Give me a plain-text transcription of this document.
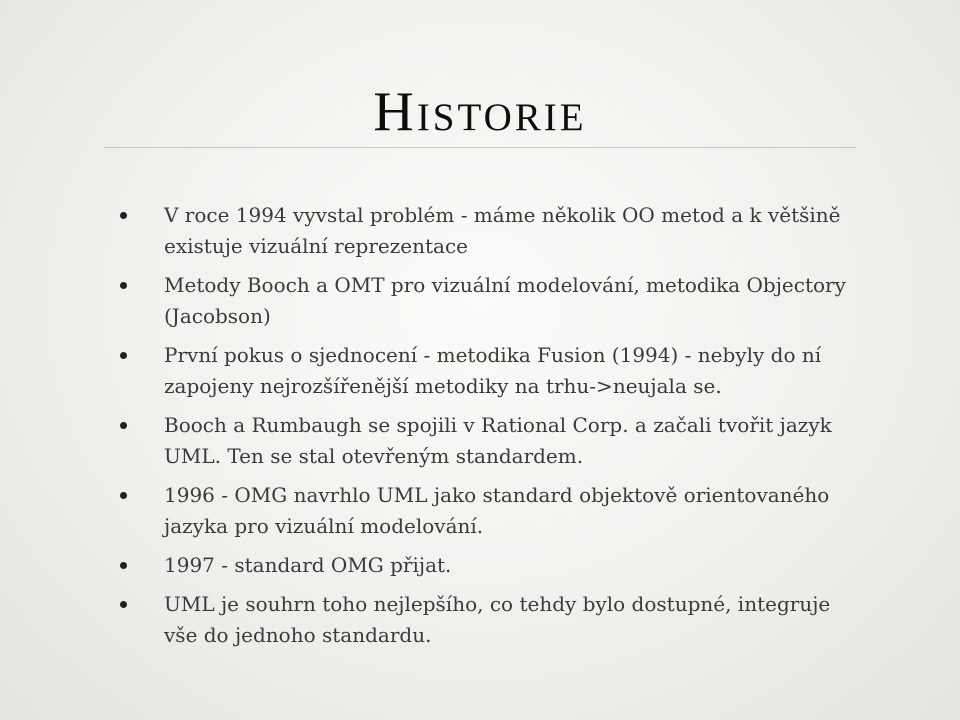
Historie
V roce 1994 vyvstal problém - máme několik OO metod a k většině existuje vizuální reprezentace
Metody Booch a OMT pro vizuální modelování, metodika Objectory (Jacobson)
První pokus o sjednocení - metodika Fusion (1994) - nebyly do ní zapojeny nejrozšířenější metodiky na trhu->neujala se.
Booch a Rumbaugh se spojili v Rational Corp. a začali tvořit jazyk UML. Ten se stal otevřeným standardem.
1996 - OMG navrhlo UML jako standard objektově orientovaného jazyka pro vizuální modelování.
1997 - standard OMG přijat.
UML je souhrn toho nejlepšího, co tehdy bylo dostupné, integruje vše do jednoho standardu.
